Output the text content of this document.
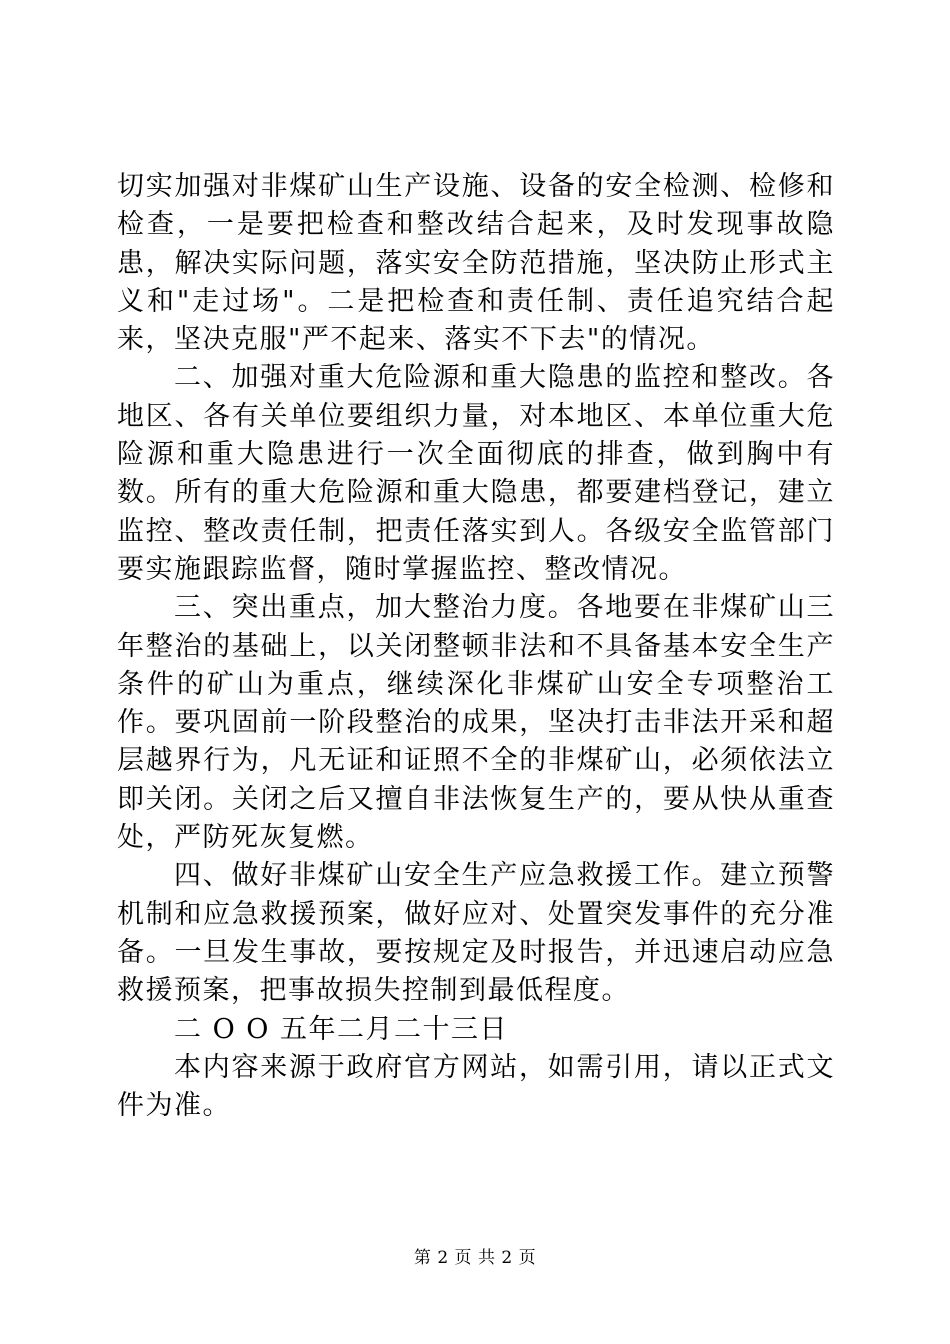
切实加强对非煤矿山生产设施、设备的安全检测、检修和检查，一是要把检查和整改结合起来，及时发现事故隐患，解决实际问题，落实安全防范措施，坚决防止形式主义和"走过场"。二是把检查和责任制、责任追究结合起来，坚决克服"严不起来、落实不下去"的情况。

二、加强对重大危险源和重大隐患的监控和整改。各地区、各有关单位要组织力量，对本地区、本单位重大危险源和重大隐患进行一次全面彻底的排查，做到胸中有数。所有的重大危险源和重大隐患，都要建档登记，建立监控、整改责任制，把责任落实到人。各级安全监管部门要实施跟踪监督，随时掌握监控、整改情况。

三、突出重点，加大整治力度。各地要在非煤矿山三年整治的基础上，以关闭整顿非法和不具备基本安全生产条件的矿山为重点，继续深化非煤矿山安全专项整治工作。要巩固前一阶段整治的成果，坚决打击非法开采和超层越界行为，凡无证和证照不全的非煤矿山，必须依法立即关闭。关闭之后又擅自非法恢复生产的，要从快从重查处，严防死灰复燃。

四、做好非煤矿山安全生产应急救援工作。建立预警机制和应急救援预案，做好应对、处置突发事件的充分准备。一旦发生事故，要按规定及时报告，并迅速启动应急救援预案，把事故损失控制到最低程度。

二 O O 五年二月二十三日

本内容来源于政府官方网站，如需引用，请以正式文件为准。

第 2 页 共 2 页
